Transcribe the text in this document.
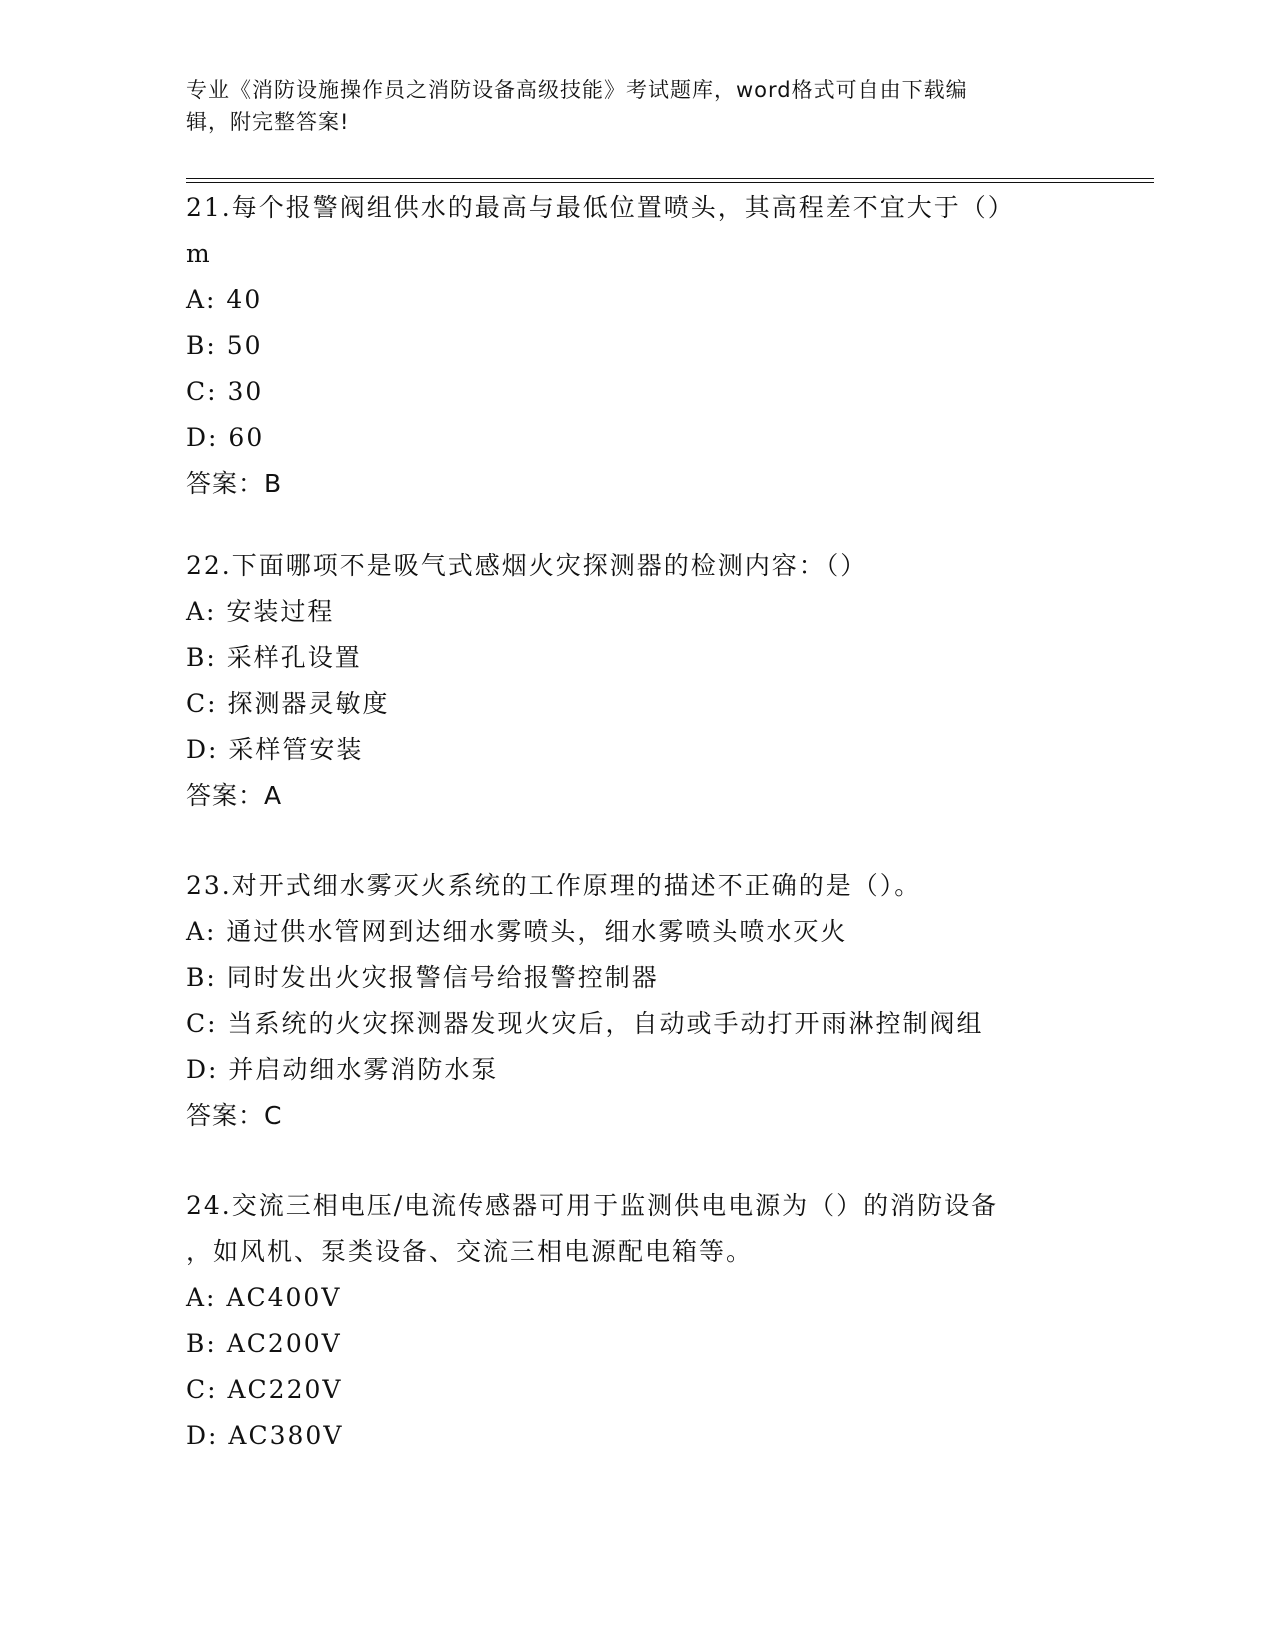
专业《消防设施操作员之消防设备高级技能》考试题库，word格式可自由下载编
辑，附完整答案!
21.每个报警阀组供水的最高与最低位置喷头，其高程差不宜大于（）
m
A: 40
B: 50
C: 30
D: 60
答案：B
22.下面哪项不是吸气式感烟火灾探测器的检测内容：（）
A: 安装过程
B: 采样孔设置
C: 探测器灵敏度
D: 采样管安装
答案：A
23.对开式细水雾灭火系统的工作原理的描述不正确的是（）。
A: 通过供水管网到达细水雾喷头，细水雾喷头喷水灭火
B: 同时发出火灾报警信号给报警控制器
C: 当系统的火灾探测器发现火灾后，自动或手动打开雨淋控制阀组
D: 并启动细水雾消防水泵
答案：C
24.交流三相电压/电流传感器可用于监测供电电源为（）的消防设备
，如风机、泵类设备、交流三相电源配电箱等。
A: AC400V
B: AC200V
C: AC220V
D: AC380V
